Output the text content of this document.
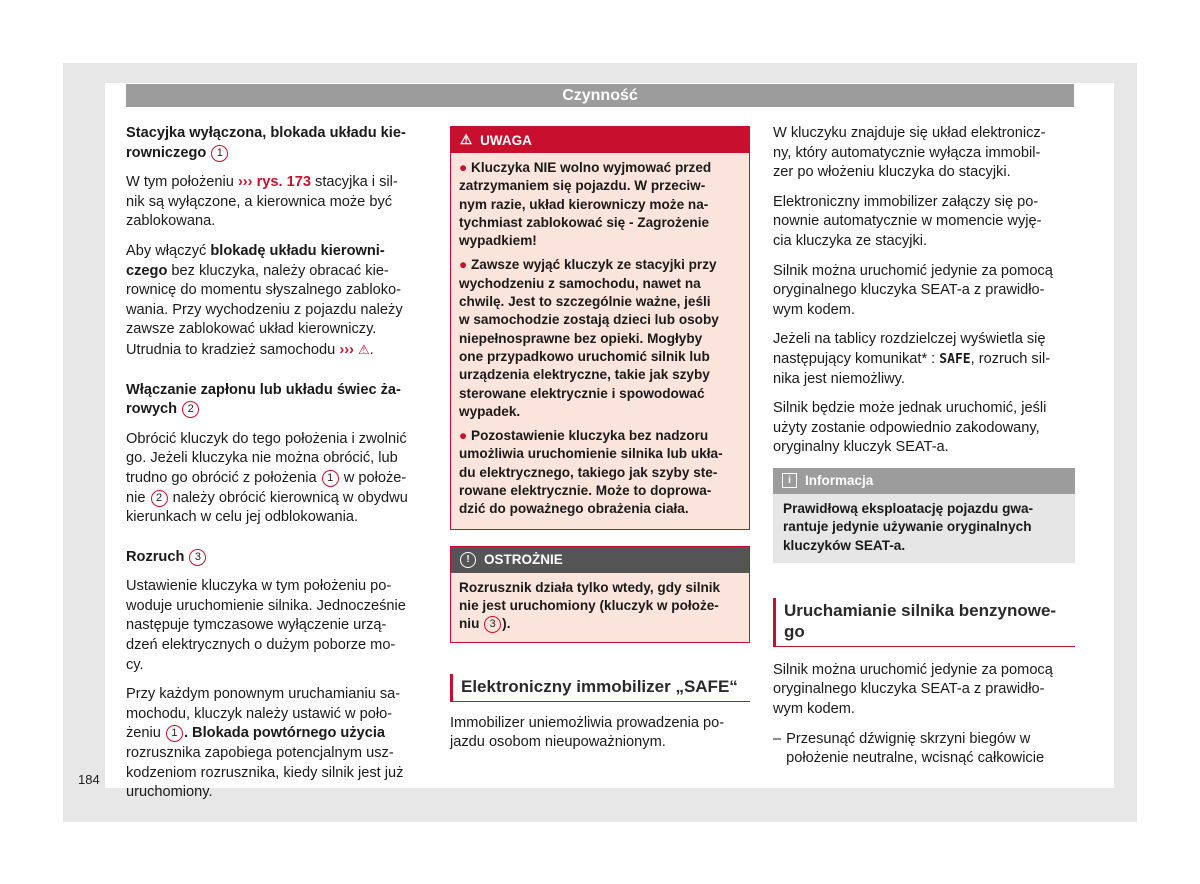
184
Czynność

Stacyjka wyłączona, blokada układu kie-
rowniczego 1

W tym położeniu ››› rys. 173 stacyjka i sil-
nik są wyłączone, a kierownica może być
zablokowana.

Aby włączyć blokadę układu kierowni-
czego bez kluczyka, należy obracać kie-
rownicę do momentu słyszalnego zabloko-
wania. Przy wychodzeniu z pojazdu należy
zawsze zablokować układ kierowniczy.
Utrudnia to kradzież samochodu ››› ⚠.

Włączanie zapłonu lub układu świec ża-
rowych 2

Obrócić kluczyk do tego położenia i zwolnić
go. Jeżeli kluczyka nie można obrócić, lub
trudno go obrócić z położenia 1 w położe-
nie 2 należy obrócić kierownicą w obydwu
kierunkach w celu jej odblokowania.

Rozruch 3

Ustawienie kluczyka w tym położeniu po-
woduje uruchomienie silnika. Jednocześnie
następuje tymczasowe wyłączenie urzą-
dzeń elektrycznych o dużym poborze mo-
cy.

Przy każdym ponownym uruchamianiu sa-
mochodu, kluczyk należy ustawić w poło-
żeniu 1 . Blokada powtórnego użycia
rozrusznika zapobiega potencjalnym usz-
kodzeniom rozrusznika, kiedy silnik jest już
uruchomiony.

⚠ UWAGA

● Kluczyka NIE wolno wyjmować przed
zatrzymaniem się pojazdu. W przeciw-
nym razie, układ kierowniczy może na-
tychmiast zablokować się - Zagrożenie
wypadkiem!

● Zawsze wyjąć kluczyk ze stacyjki przy
wychodzeniu z samochodu, nawet na
chwilę. Jest to szczególnie ważne, jeśli
w samochodzie zostają dzieci lub osoby
niepełnosprawne bez opieki. Mogłyby
one przypadkowo uruchomić silnik lub
urządzenia elektryczne, takie jak szyby
sterowane elektrycznie i spowodować
wypadek.

● Pozostawienie kluczyka bez nadzoru
umożliwia uruchomienie silnika lub ukła-
du elektrycznego, takiego jak szyby ste-
rowane elektrycznie. Może to doprowa-
dzić do poważnego obrażenia ciała.

!	OSTROŻNIE

Rozrusznik działa tylko wtedy, gdy silnik
nie jest uruchomiony (kluczyk w położe-
niu 3 ).

Elektroniczny immobilizer „SAFE“

Immobilizer uniemożliwia prowadzenia po-
jazdu osobom nieupoważnionym.

W kluczyku znajduje się układ elektronicz-
ny, który automatycznie wyłącza immobil-
zer po włożeniu kluczyka do stacyjki.

Elektroniczny immobilizer załączy się po-
nownie automatycznie w momencie wyję-
cia kluczyka ze stacyjki.

Silnik można uruchomić jedynie za pomocą
oryginalnego kluczyka SEAT-a z prawidło-
wym kodem.

Jeżeli na tablicy rozdzielczej wyświetla się
następujący komunikat* : SAFE, rozruch sil-
nika jest niemożliwy.

Silnik będzie może jednak uruchomić, jeśli
użyty zostanie odpowiednio zakodowany,
oryginalny kluczyk SEAT-a.

i	Informacja

Prawidłową eksploatację pojazdu gwa-
rantuje jedynie używanie oryginalnych
kluczyków SEAT-a.

Uruchamianie silnika benzynowe-
go

Silnik można uruchomić jedynie za pomocą
oryginalnego kluczyka SEAT-a z prawidło-
wym kodem.

– Przesunąć dźwignię skrzyni biegów w
położenie neutralne, wcisnąć całkowicie
